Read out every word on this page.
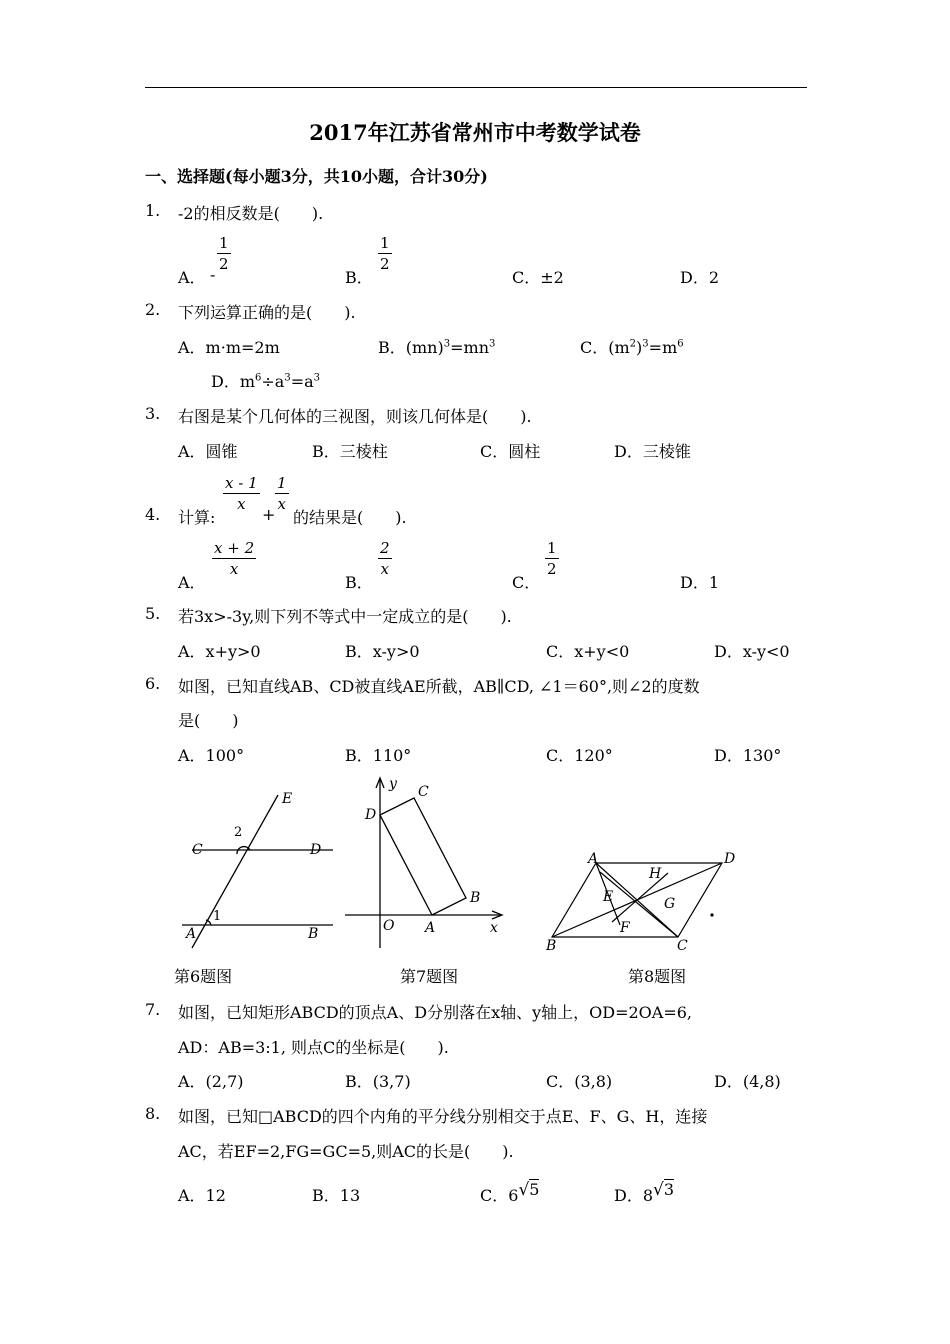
2017年江苏省常州市中考数学试卷
一、选择题(每小题3分，共10小题，合计30分)
1. -2的相反数是(　　).
A． -
1
2
B．
1
2
C．±2	D．2
2. 下列运算正确的是(　　).
A．m·m=2m	B．$(mn)^3=mn^3$	C．$(m^2)^3=m^6$
D．$m^6\div a^3=a^3$
3. 右图是某个几何体的三视图，则该几何体是(　　).
A．圆锥	B．三棱柱	C．圆柱	D．三棱锥
4. 计算:
x - 1
x
+
1
x
的结果是(　　).
A．
x + 2
x
B．
2
x
C．
1
2
D．1
5. 若3x>-3y,则下列不等式中一定成立的是(　　).
A．x+y>0	B．x-y>0	C．x+y<0	D．x-y<0
6. 如图，已知直线AB、CD被直线AE所截，AB∥CD, ∠1＝60°,则∠2的度数
是(　　)
A．100°	B．110°	C．120°	D．130°
E
2
C	D
1
A	B
y C
D
B
O A	x
A	D
H
E	G
F
B	C
第6题图	第7题图	第8题图
7. 如图，已知矩形ABCD的顶点A、D分别落在x轴、y轴上，OD=2OA=6,
AD：AB=3:1, 则点C的坐标是(　　).
A．(2,7)	B．(3,7)	C．(3,8)	D．(4,8)
8. 如图，已知□ABCD的四个内角的平分线分别相交于点E、F、G、H，连接
AC，若EF=2,FG=GC=5,则AC的长是(　　).
A．12	B．13	C．6√5	D．8√3
